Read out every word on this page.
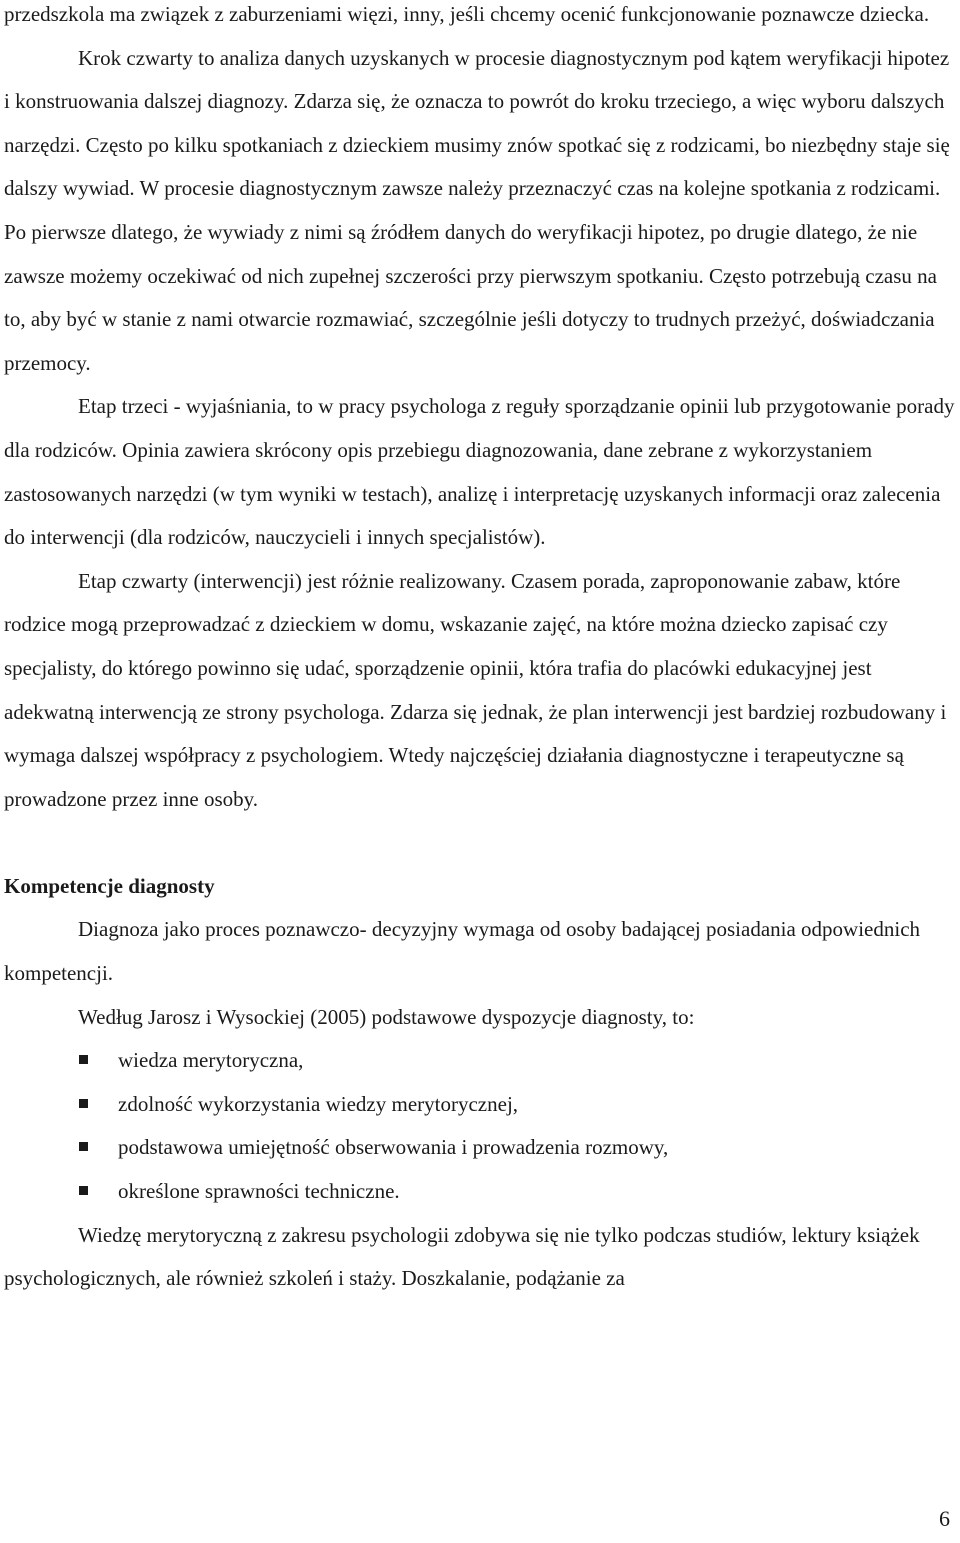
przedszkola ma związek z zaburzeniami więzi, inny, jeśli chcemy ocenić funkcjonowanie poznawcze dziecka.

Krok czwarty to analiza danych uzyskanych w procesie diagnostycznym pod kątem weryfikacji hipotez i konstruowania dalszej diagnozy. Zdarza się, że oznacza to powrót do kroku trzeciego, a więc wyboru dalszych narzędzi. Często po kilku spotkaniach z dzieckiem musimy znów spotkać się z rodzicami, bo niezbędny staje się dalszy wywiad. W procesie diagnostycznym zawsze należy przeznaczyć czas na kolejne spotkania z rodzicami. Po pierwsze dlatego, że wywiady z nimi są źródłem danych do weryfikacji hipotez, po drugie dlatego, że nie zawsze możemy oczekiwać od nich zupełnej szczerości przy pierwszym spotkaniu. Często potrzebują czasu na to, aby być w stanie z nami otwarcie rozmawiać, szczególnie jeśli dotyczy to trudnych przeżyć, doświadczania przemocy.

Etap trzeci - wyjaśniania, to w pracy psychologa z reguły sporządzanie opinii lub przygotowanie porady dla rodziców. Opinia zawiera skrócony opis przebiegu diagnozowania, dane zebrane z wykorzystaniem zastosowanych narzędzi (w tym wyniki w testach), analizę i interpretację uzyskanych informacji oraz zalecenia do interwencji (dla rodziców, nauczycieli i innych specjalistów).

Etap czwarty (interwencji) jest różnie realizowany. Czasem porada, zaproponowanie zabaw, które rodzice mogą przeprowadzać z dzieckiem w domu, wskazanie zajęć, na które można dziecko zapisać czy specjalisty, do którego powinno się udać, sporządzenie opinii, która trafia do placówki edukacyjnej jest adekwatną interwencją ze strony psychologa. Zdarza się jednak, że plan interwencji jest bardziej rozbudowany i wymaga dalszej współpracy z psychologiem. Wtedy najczęściej działania diagnostyczne i terapeutyczne są prowadzone przez inne osoby.

Kompetencje diagnosty

Diagnoza jako proces poznawczo- decyzyjny wymaga od osoby badającej posiadania odpowiednich kompetencji.

Według Jarosz i Wysockiej (2005) podstawowe dyspozycje diagnosty, to:

wiedza merytoryczna,
zdolność wykorzystania wiedzy merytorycznej,
podstawowa umiejętność obserwowania i prowadzenia rozmowy,
określone sprawności techniczne.

Wiedzę merytoryczną z zakresu psychologii zdobywa się nie tylko podczas studiów, lektury książek psychologicznych, ale również szkoleń i staży. Doszkalanie, podążanie za

6
